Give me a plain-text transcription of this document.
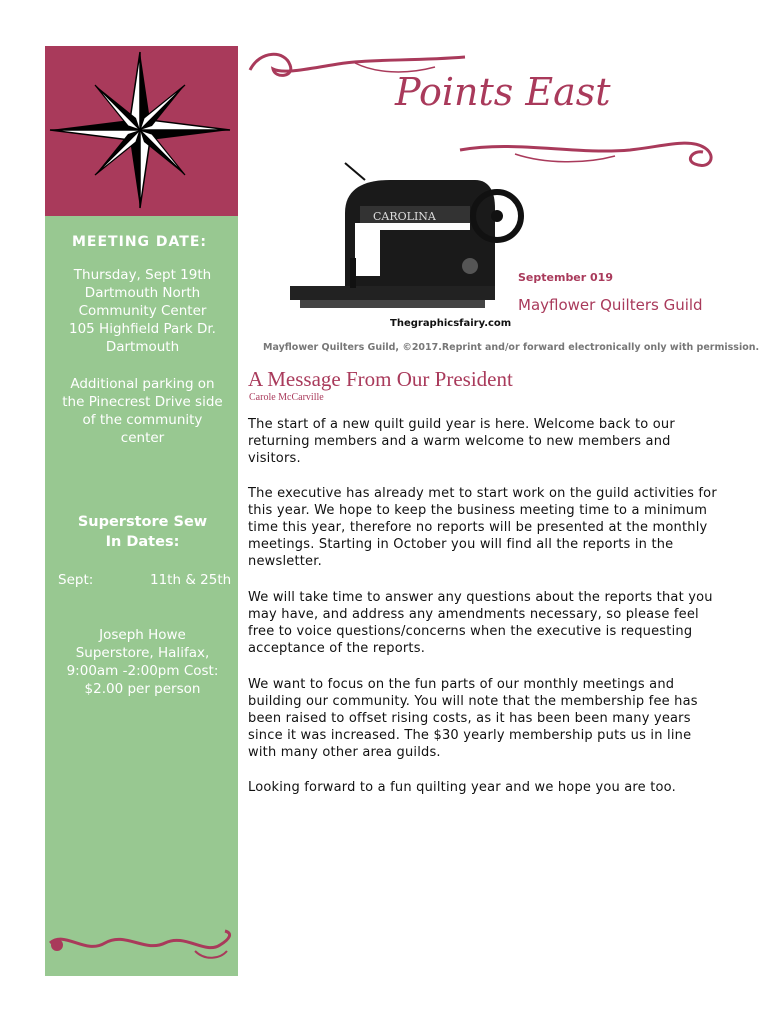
MEETING DATE:
Thursday, Sept 19th
Dartmouth North
Community Center
105 Highfield Park Dr.
Dartmouth
Additional parking on
the Pinecrest Drive side
of the community
center
Superstore Sew
In Dates:
Sept:	11th & 25th
Joseph Howe
Superstore, Halifax,
9:00am -2:00pm Cost:
$2.00 per person
Points East
CAROLINA
Thegraphicsfairy.com
September 019
Mayflower Quilters Guild
Mayflower Quilters Guild, ©2017.Reprint and/or forward electronically only with permission.
A Message From Our President
Carole McCarville

The start of a new quilt guild year is here. Welcome back to our returning members and a warm welcome to new members and visitors.

The executive has already met to start work on the guild activities for this year. We hope to keep the business meeting time to a minimum time this year, therefore no reports will be presented at the monthly meetings. Starting in October you will find all the reports in the newsletter.

We will take time to answer any questions about the reports that you may have, and address any amendments necessary, so please feel free to voice questions/concerns when the executive is requesting acceptance of the reports.

We want to focus on the fun parts of our monthly meetings and building our community. You will note that the membership fee has been raised to offset rising costs, as it has been been many years since it was increased. The $30 yearly membership puts us in line with many other area guilds.

Looking forward to a fun quilting year and we hope you are too.
